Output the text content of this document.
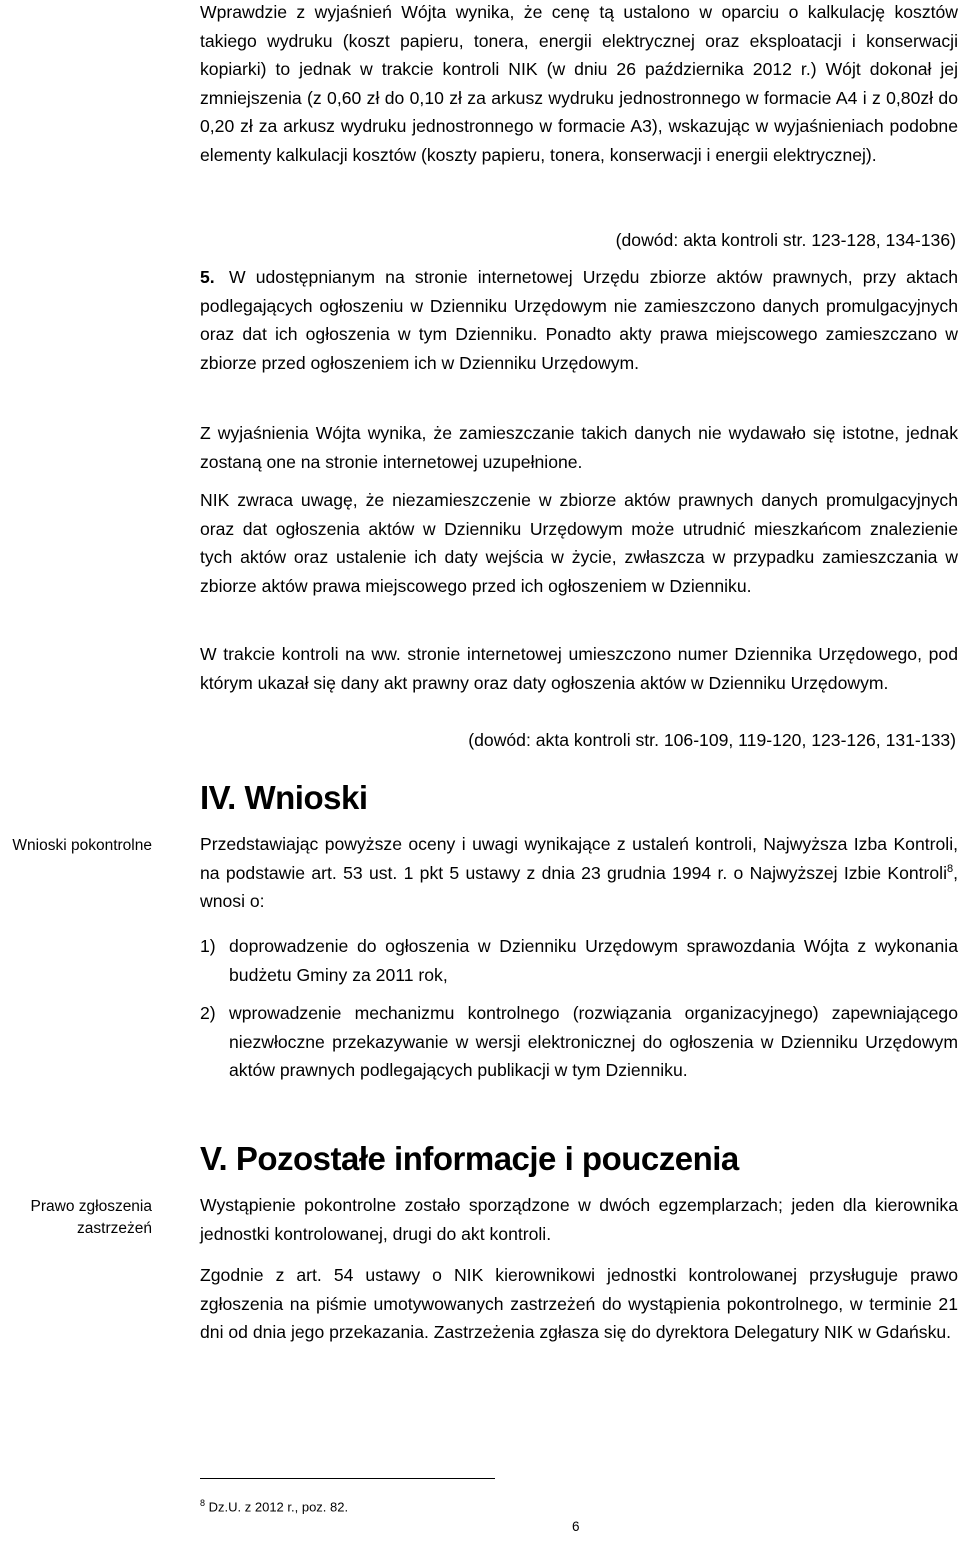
Wprawdzie z wyjaśnień Wójta wynika, że cenę tą ustalono w oparciu o kalkulację kosztów takiego wydruku (koszt papieru, tonera, energii elektrycznej oraz eksploatacji i konserwacji kopiarki) to jednak w trakcie kontroli NIK (w dniu 26 października 2012 r.) Wójt dokonał jej zmniejszenia (z 0,60 zł do 0,10 zł za arkusz wydruku jednostronnego w formacie A4 i z 0,80zł do 0,20 zł za arkusz wydruku jednostronnego w formacie A3), wskazując w wyjaśnieniach podobne elementy kalkulacji kosztów (koszty papieru, tonera, konserwacji i energii elektrycznej).

(dowód: akta kontroli str. 123-128, 134-136)
5. W udostępnianym na stronie internetowej Urzędu zbiorze aktów prawnych, przy aktach podlegających ogłoszeniu w Dzienniku Urzędowym nie zamieszczono danych promulgacyjnych oraz dat ich ogłoszenia w tym Dzienniku. Ponadto akty prawa miejscowego zamieszczano w zbiorze przed ogłoszeniem ich w Dzienniku Urzędowym.

Z wyjaśnienia Wójta wynika, że zamieszczanie takich danych nie wydawało się istotne, jednak zostaną one na stronie internetowej uzupełnione.

NIK zwraca uwagę, że niezamieszczenie w zbiorze aktów prawnych danych promulgacyjnych oraz dat ogłoszenia aktów w Dzienniku Urzędowym może utrudnić mieszkańcom znalezienie tych aktów oraz ustalenie ich daty wejścia w życie, zwłaszcza w przypadku zamieszczania w zbiorze aktów prawa miejscowego przed ich ogłoszeniem w Dzienniku.

W trakcie kontroli na ww. stronie internetowej umieszczono numer Dziennika Urzędowego, pod którym ukazał się dany akt prawny oraz daty ogłoszenia aktów w Dzienniku Urzędowym.

(dowód: akta kontroli str. 106-109, 119-120, 123-126, 131-133)
IV. Wnioski
Wnioski pokontrolne	Przedstawiając powyższe oceny i uwagi wynikające z ustaleń kontroli, Najwyższa Izba Kontroli, na podstawie art. 53 ust. 1 pkt 5 ustawy z dnia 23 grudnia 1994 r. o Najwyższej Izbie Kontroli$^8$, wnosi o:

1) doprowadzenie do ogłoszenia w Dzienniku Urzędowym sprawozdania Wójta z wykonania budżetu Gminy za 2011 rok,
2) wprowadzenie mechanizmu kontrolnego (rozwiązania organizacyjnego) zapewniającego niezwłoczne przekazywanie w wersji elektronicznej do ogłoszenia w Dzienniku Urzędowym aktów prawnych podlegających publikacji w tym Dzienniku.
V. Pozostałe informacje i pouczenia
Prawo zgłoszenia
zastrzeżeń

Wystąpienie pokontrolne zostało sporządzone w dwóch egzemplarzach; jeden dla kierownika jednostki kontrolowanej, drugi do akt kontroli.

Zgodnie z art. 54 ustawy o NIK kierownikowi jednostki kontrolowanej przysługuje prawo zgłoszenia na piśmie umotywowanych zastrzeżeń do wystąpienia pokontrolnego, w terminie 21 dni od dnia jego przekazania. Zastrzeżenia zgłasza się do dyrektora Delegatury NIK w Gdańsku.

$^8$ Dz.U. z 2012 r., poz. 82.
6
